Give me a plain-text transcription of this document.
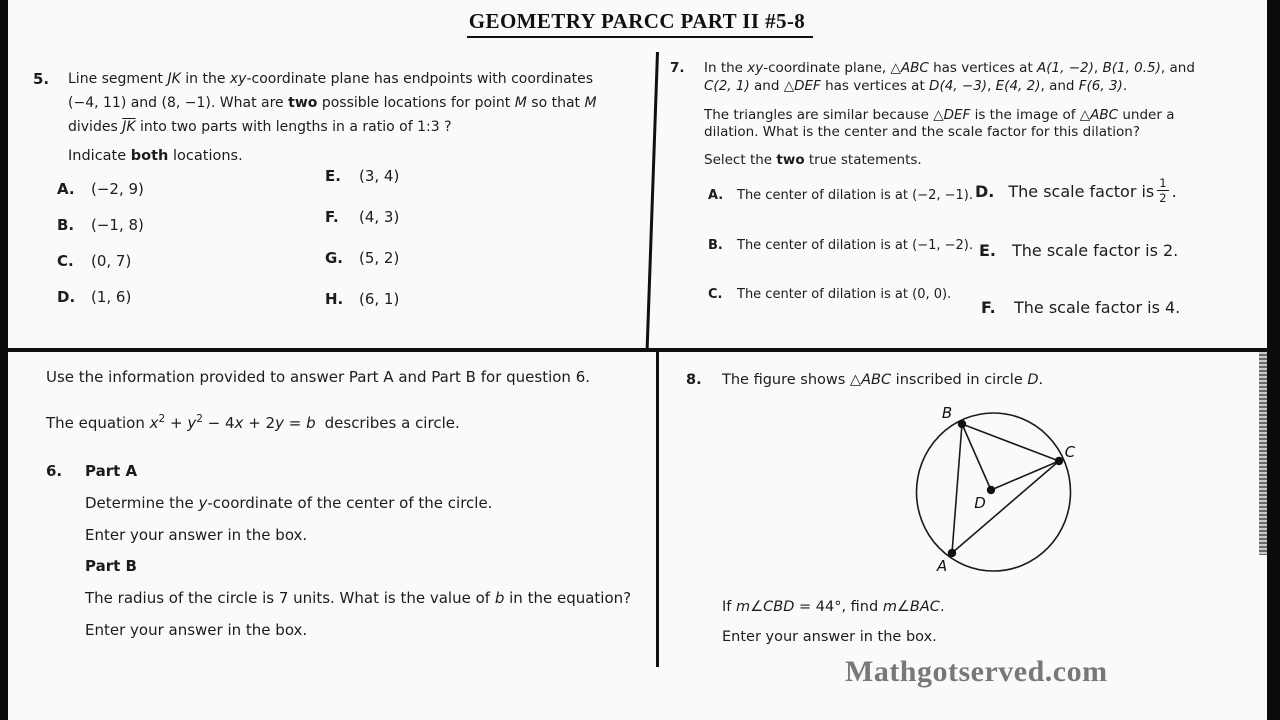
GEOMETRY PARCC PART II #5-8
5. Line segment JK in the xy-coordinate plane has endpoints with coordinates
(−4, 11) and (8, −1). What are two possible locations for point M so that M
divides $\overline{JK}$ into two parts with lengths in a ratio of 1:3 ?
Indicate both locations.
A. (−2, 9)
B. (−1, 8)
C. (0, 7)
D. (1, 6)
E. (3, 4)
F. (4, 3)
G. (5, 2)
H. (6, 1)
7. In the xy-coordinate plane, △ABC has vertices at A(1, −2), B(1, 0.5), and
C(2, 1) and △DEF has vertices at D(4, −3), E(4, 2), and F(6, 3).
The triangles are similar because △DEF is the image of △ABC under a
dilation. What is the center and the scale factor for this dilation?
Select the two true statements.
A. The center of dilation is at (−2, −1).
B. The center of dilation is at (−1, −2).
C. The center of dilation is at (0, 0).
D. The scale factor is $\frac{1}{2}$ .
E. The scale factor is 2.
F. The scale factor is 4.
Use the information provided to answer Part A and Part B for question 6.
The equation $x^2 + y^2 - 4x + 2y = b$ describes a circle.
6. Part A
Determine the y-coordinate of the center of the circle.
Enter your answer in the box.
Part B
The radius of the circle is 7 units. What is the value of b in the equation?
Enter your answer in the box.
8. The figure shows △ABC inscribed in circle D.
B
C
D
A
If m∠CBD = 44°, find m∠BAC.
Enter your answer in the box.
Mathgotserved.com
